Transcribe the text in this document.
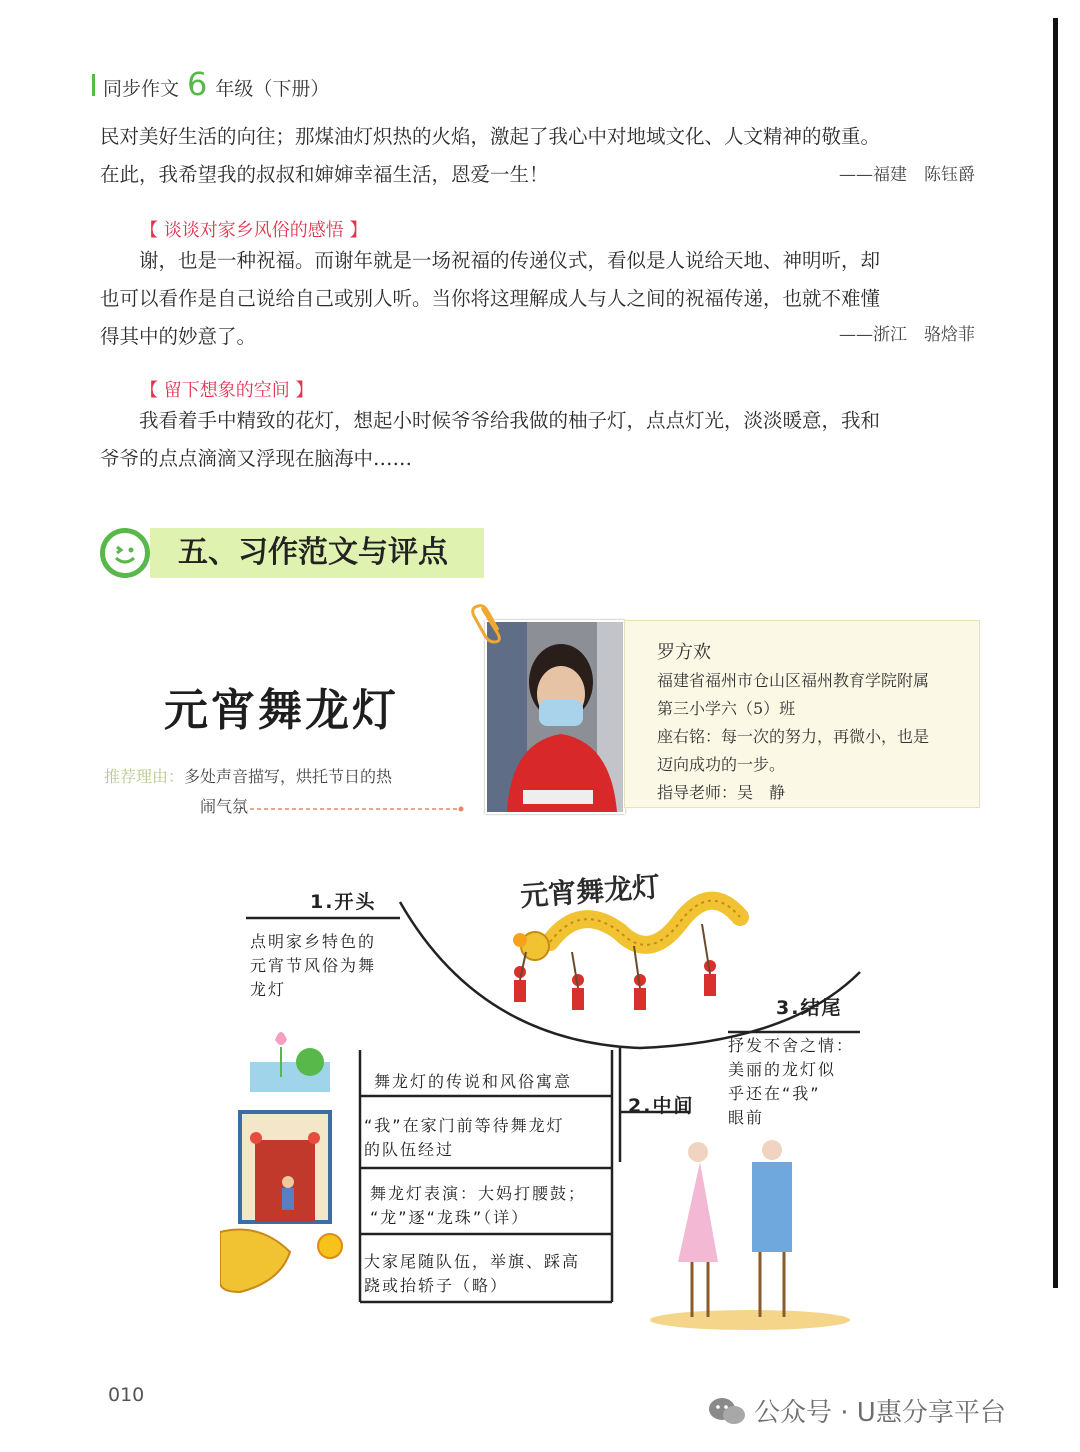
同步作文 6 年级（下册）
民对美好生活的向往；那煤油灯炽热的火焰，激起了我心中对地域文化、人文精神的敬重。
在此，我希望我的叔叔和婶婶幸福生活，恩爱一生！	——福建　陈钰爵
【 谈谈对家乡风俗的感悟 】
谢，也是一种祝福。而谢年就是一场祝福的传递仪式，看似是人说给天地、神明听，却
也可以看作是自己说给自己或别人听。当你将这理解成人与人之间的祝福传递，也就不难懂
得其中的妙意了。	——浙江　骆焓菲
【 留下想象的空间 】
我看着手中精致的花灯，想起小时候爷爷给我做的柚子灯，点点灯光，淡淡暖意，我和
爷爷的点点滴滴又浮现在脑海中……
五、习作范文与评点
元宵舞龙灯
推荐理由：多处声音描写，烘托节日的热
闹气氛
罗方欢
福建省福州市仓山区福州教育学院附属
第三小学六（5）班
座右铭：每一次的努力，再微小，也是
迈向成功的一步。
指导老师：吴　静
元宵舞龙灯
1.开头
点明家乡特色的
元宵节风俗为舞
龙灯
3.结尾
抒发不舍之情：
美丽的龙灯似
乎还在“我”
眼前
2.中间
舞龙灯的传说和风俗寓意
“我”在家门前等待舞龙灯
的队伍经过
舞龙灯表演：大妈打腰鼓；
“龙”逐“龙珠”（详）
大家尾随队伍，举旗、踩高
跷或抬轿子（略）
010
公众号 · U惠分享平台
